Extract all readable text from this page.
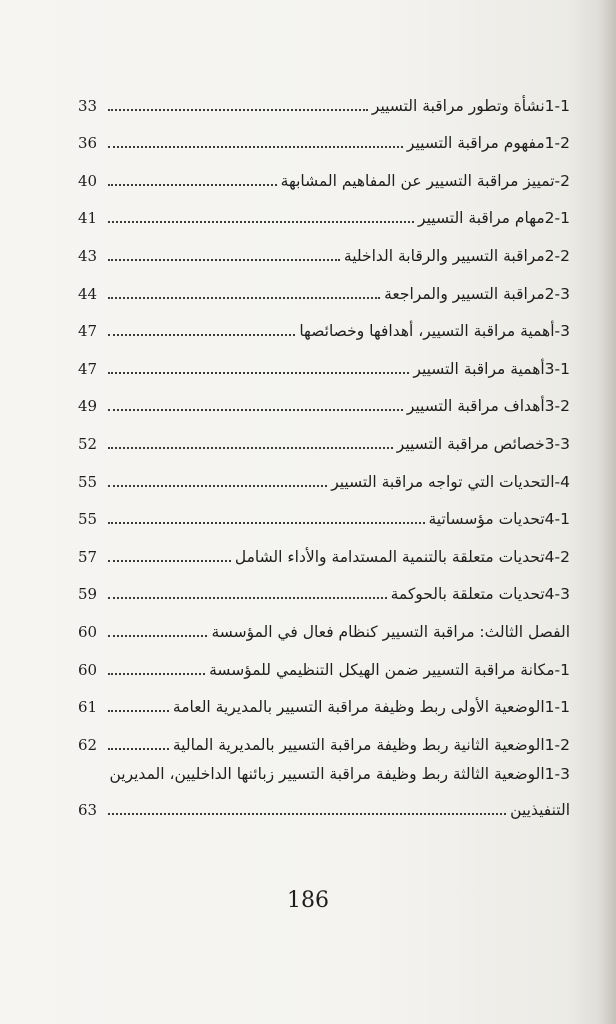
1-1نشأة وتطور مراقبة التسيير
33
1-2مفهوم مراقبة التسيير
36
2-تمييز مراقبة التسيير عن المفاهيم المشابهة
40
2-1مهام مراقبة التسيير
41
2-2مراقبة التسيير والرقابة الداخلية
43
2-3مراقبة التسيير والمراجعة
44
3-أهمية مراقبة التسيير، أهدافها وخصائصها
47
3-1أهمية مراقبة التسيير
47
3-2أهداف مراقبة التسيير
49
3-3خصائص مراقبة التسيير
52
4-التحديات التي تواجه مراقبة التسيير
55
4-1تحديات مؤسساتية
55
4-2تحديات متعلقة بالتنمية المستدامة والأداء الشامل
57
4-3تحديات متعلقة بالحوكمة
59
الفصل الثالث: مراقبة التسيير كنظام فعال في المؤسسة
60
1-مكانة مراقبة التسيير ضمن الهيكل التنظيمي للمؤسسة
60
1-1الوضعية الأولى ربط وظيفة مراقبة التسيير بالمديرية العامة
61
1-2الوضعية الثانية ربط وظيفة مراقبة التسيير بالمديرية المالية
62
1-3الوضعية الثالثة ربط وظيفة مراقبة التسيير زبائنها الداخليين، المديرين
التنفيذيين
63
186
